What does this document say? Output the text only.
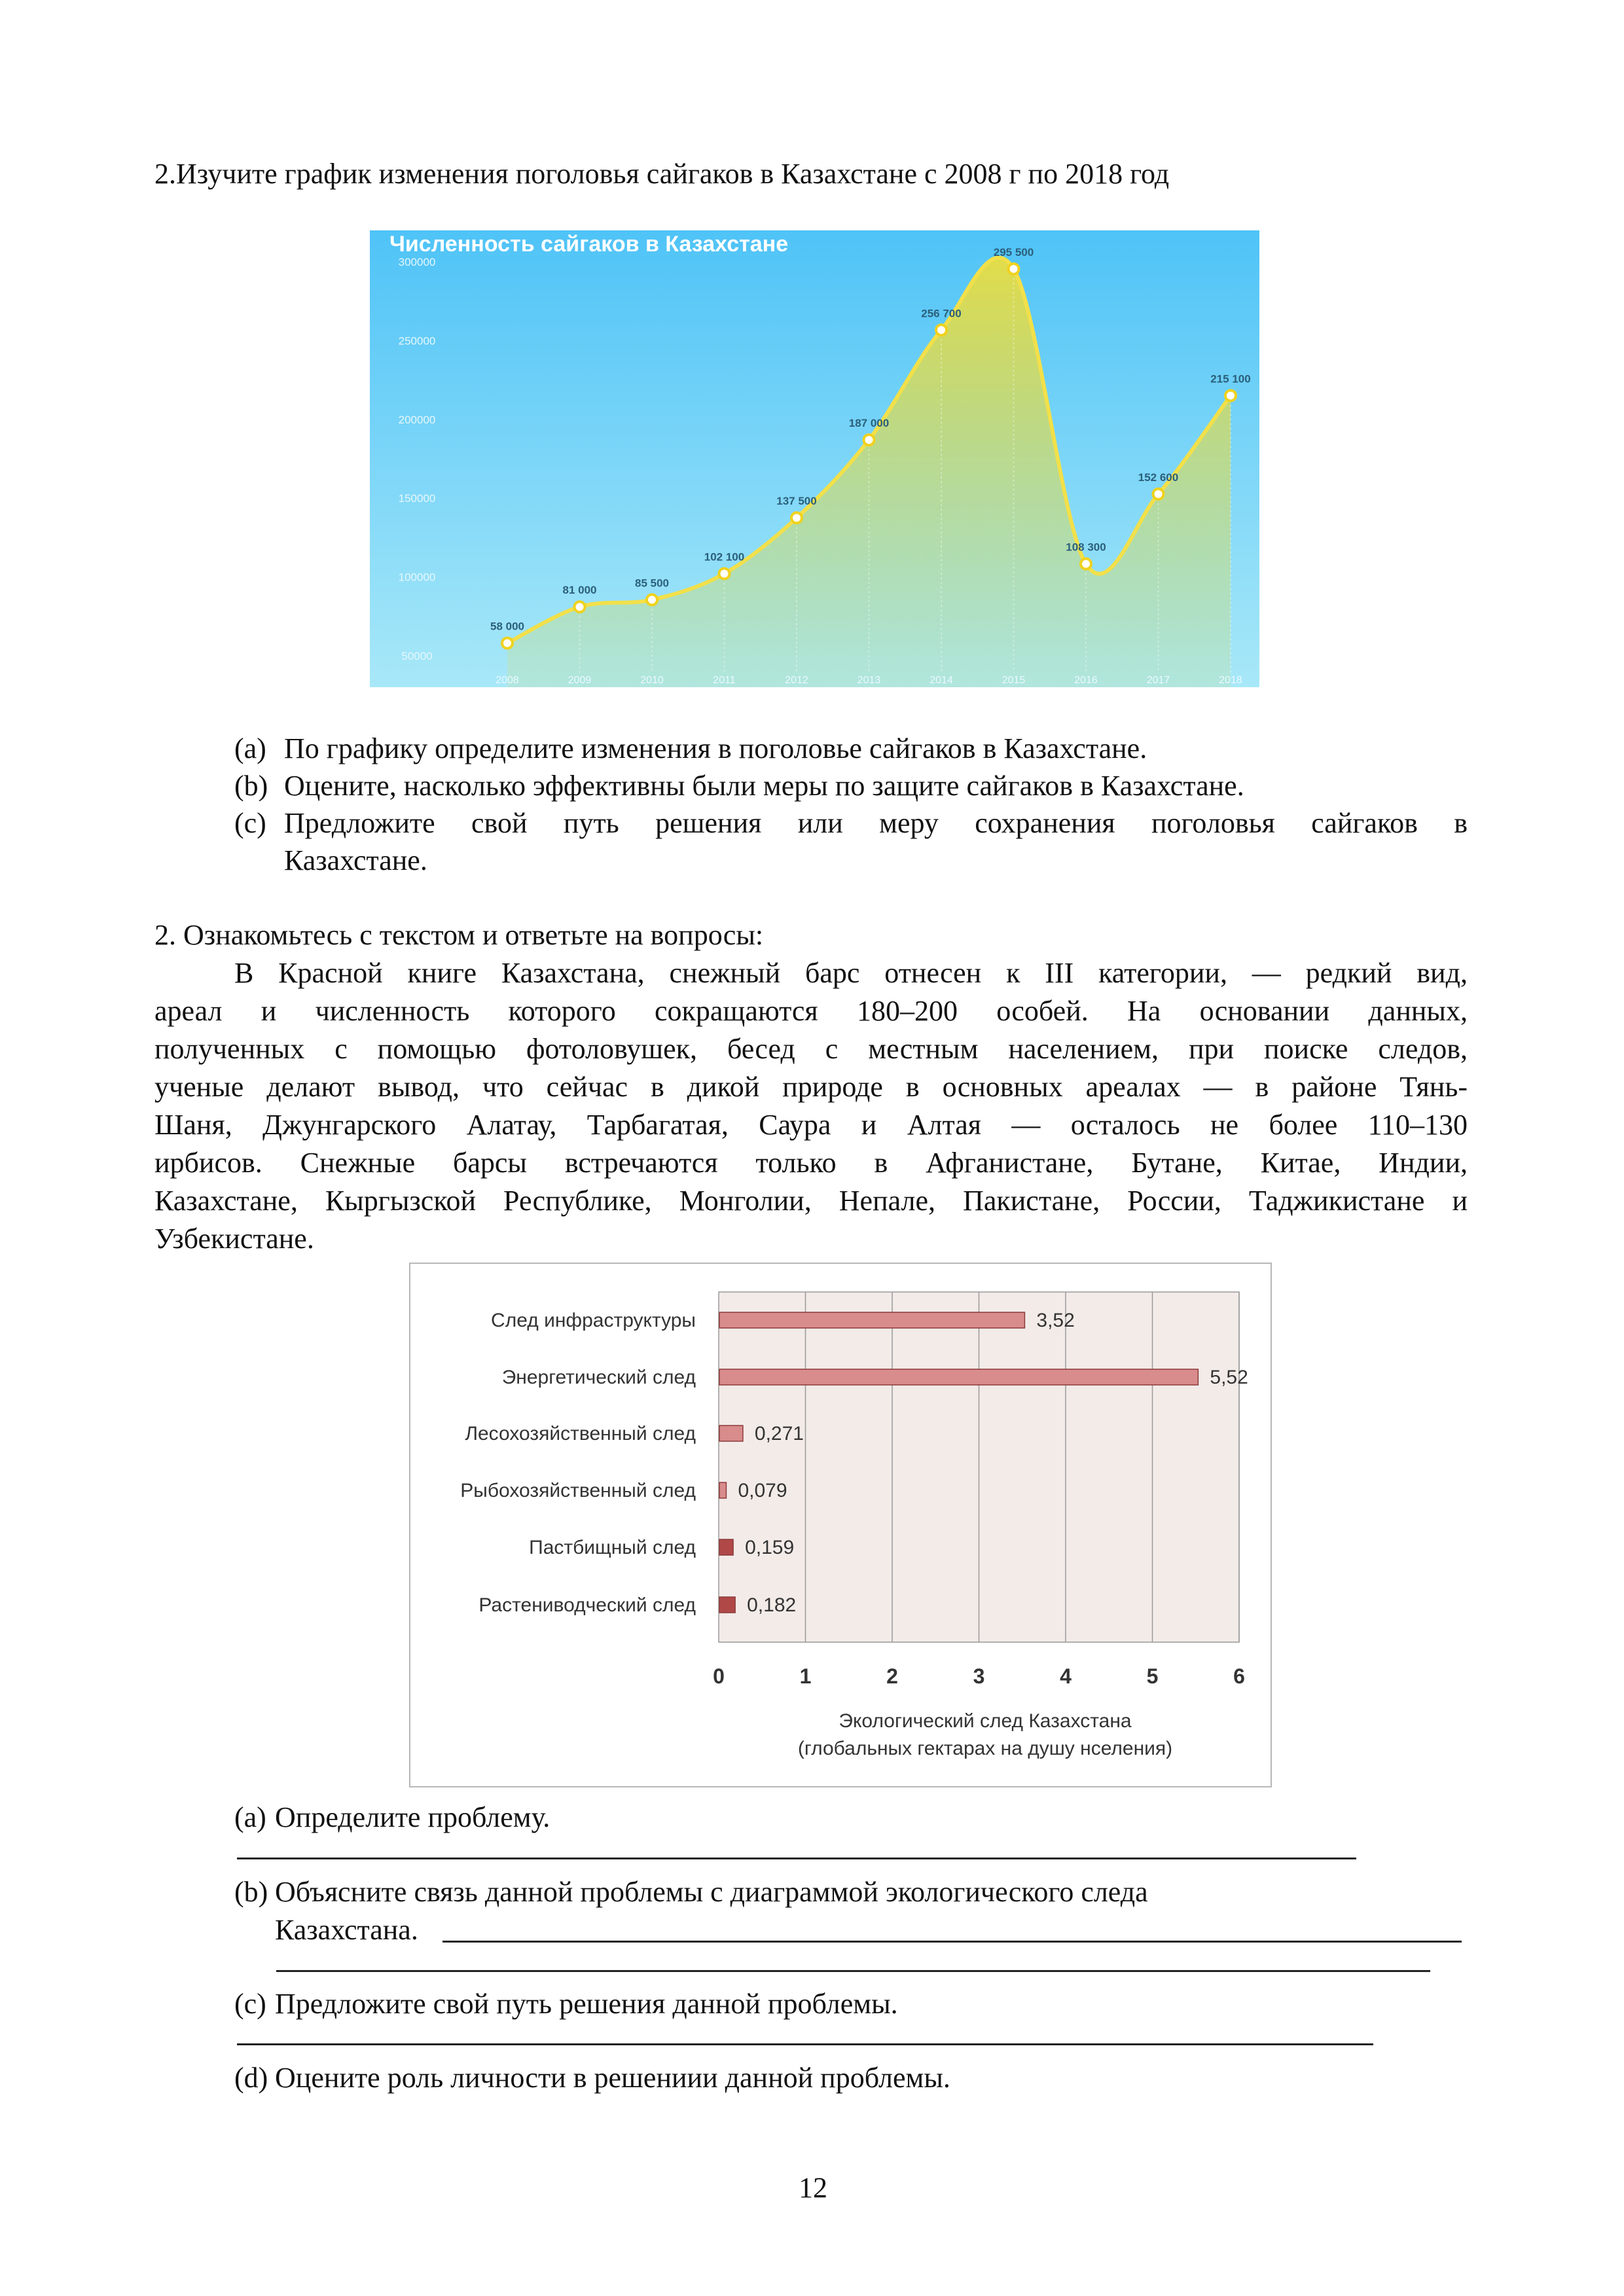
2.Изучите график изменения поголовья сайгаков в Казахстане с 2008 г по 2018 год
Численность сайгаков в Казахстане
50000
100000
150000
200000
250000
300000
58 000
2008
81 000
2009
85 500
2010
102 100
2011
137 500
2012
187 000
2013
256 700
2014
295 500
2015
108 300
2016
152 600
2017
215 100
2018
(a) По графику определите изменения в поголовье сайгаков в Казахстане.
(b) Оцените, насколько эффективны были меры по защите сайгаков в Казахстане.
(c) Предложите свой путь решения или меру сохранения поголовья сайгаков в
Казахстане.
2. Ознакомьтесь с текстом и ответьте на вопросы:
В Красной книге Казахстана, снежный барс отнесен к III категории, — редкий вид,
ареал и численность которого сокращаются 180–200 особей. На основании данных,
полученных с помощью фотоловушек, бесед с местным населением, при поиске следов,
ученые делают вывод, что сейчас в дикой природе в основных ареалах — в районе Тянь-
Шаня, Джунгарского Алатау, Тарбагатая, Саура и Алтая — осталось не более 110–130
ирбисов. Снежные барсы встречаются только в Афганистане, Бутане, Китае, Индии,
Казахстане, Кыргызской Республике, Монголии, Непале, Пакистане, России, Таджикистане и
Узбекистане.
0	1	2	3	4	5	6
След инфраструктуры	3,52
Энергетический след	5,52
Лесохозяйственный след	0,271
Рыбохозяйственный след 0,079
Пастбищный след	0,159
Растениводческий след	0,182
Экологический след Казахстана
(глобальных гектарах на душу нселения)
(a) Определите проблему.
(b) Объясните связь данной проблемы с диаграммой экологического следа
Казахстана.
(c) Предложите свой путь решения данной проблемы.
(d) Оцените роль личности в решениии данной проблемы.
12
